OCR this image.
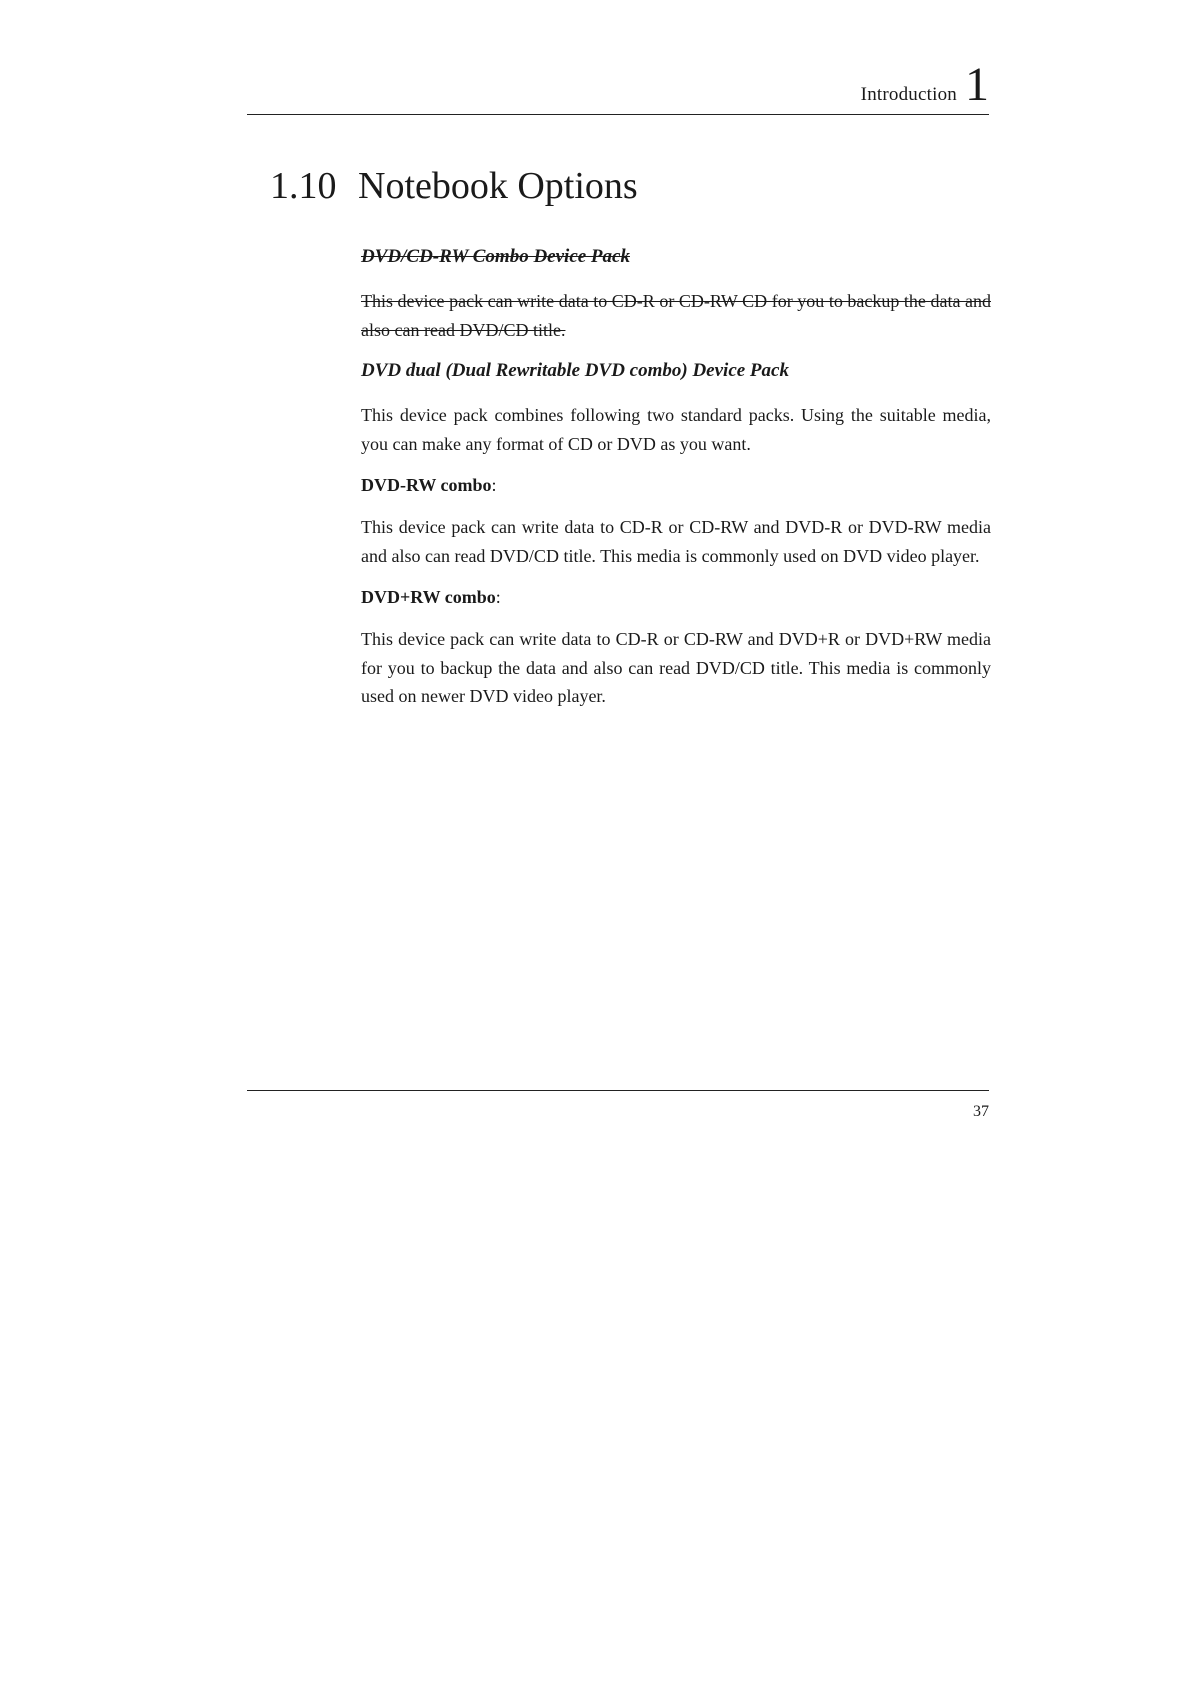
Introduction 1
1.10 Notebook Options

DVD/CD-RW Combo Device Pack

This device pack can write data to CD-R or CD-RW CD for you to backup the data and also can read DVD/CD title.

DVD dual (Dual Rewritable DVD combo) Device Pack

This device pack combines following two standard packs. Using the suitable media, you can make any format of CD or DVD as you want.

DVD-RW combo:

This device pack can write data to CD-R or CD-RW and DVD-R or DVD-RW media and also can read DVD/CD title. This media is commonly used on DVD video player.

DVD+RW combo:

This device pack can write data to CD-R or CD-RW and DVD+R or DVD+RW media for you to backup the data and also can read DVD/CD title. This media is commonly used on newer DVD video player.

37
